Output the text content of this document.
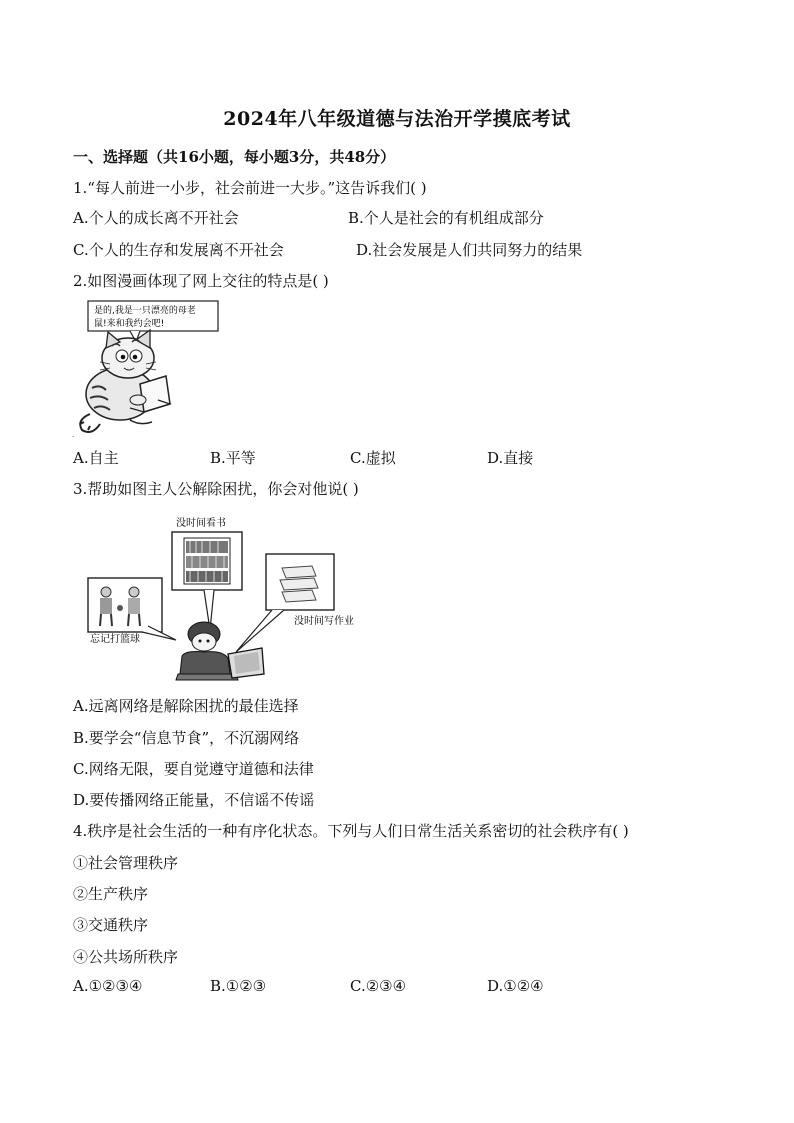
2024年八年级道德与法治开学摸底考试
一、选择题（共16小题，每小题3分，共48分）
1.“每人前进一小步，社会前进一大步。”这告诉我们( )
A.个人的成长离不开社会	B.个人是社会的有机组成部分
C.个人的生存和发展离不开社会	D.社会发展是人们共同努力的结果
2.如图漫画体现了网上交往的特点是( )
是的,我是一只漂亮的母老
鼠!来和我约会吧!
.
A.自主	B.平等	C.虚拟	D.直接
3.帮助如图主人公解除困扰，你会对他说( )
没时间看书
忘记打篮球
没时间写作业
A.远离网络是解除困扰的最佳选择
B.要学会“信息节食”，不沉溺网络
C.网络无限，要自觉遵守道德和法律
D.要传播网络正能量，不信谣不传谣
4.秩序是社会生活的一种有序化状态。下列与人们日常生活关系密切的社会秩序有( )
①社会管理秩序
②生产秩序
③交通秩序
④公共场所秩序
A.①②③④	B.①②③	C.②③④	D.①②④
